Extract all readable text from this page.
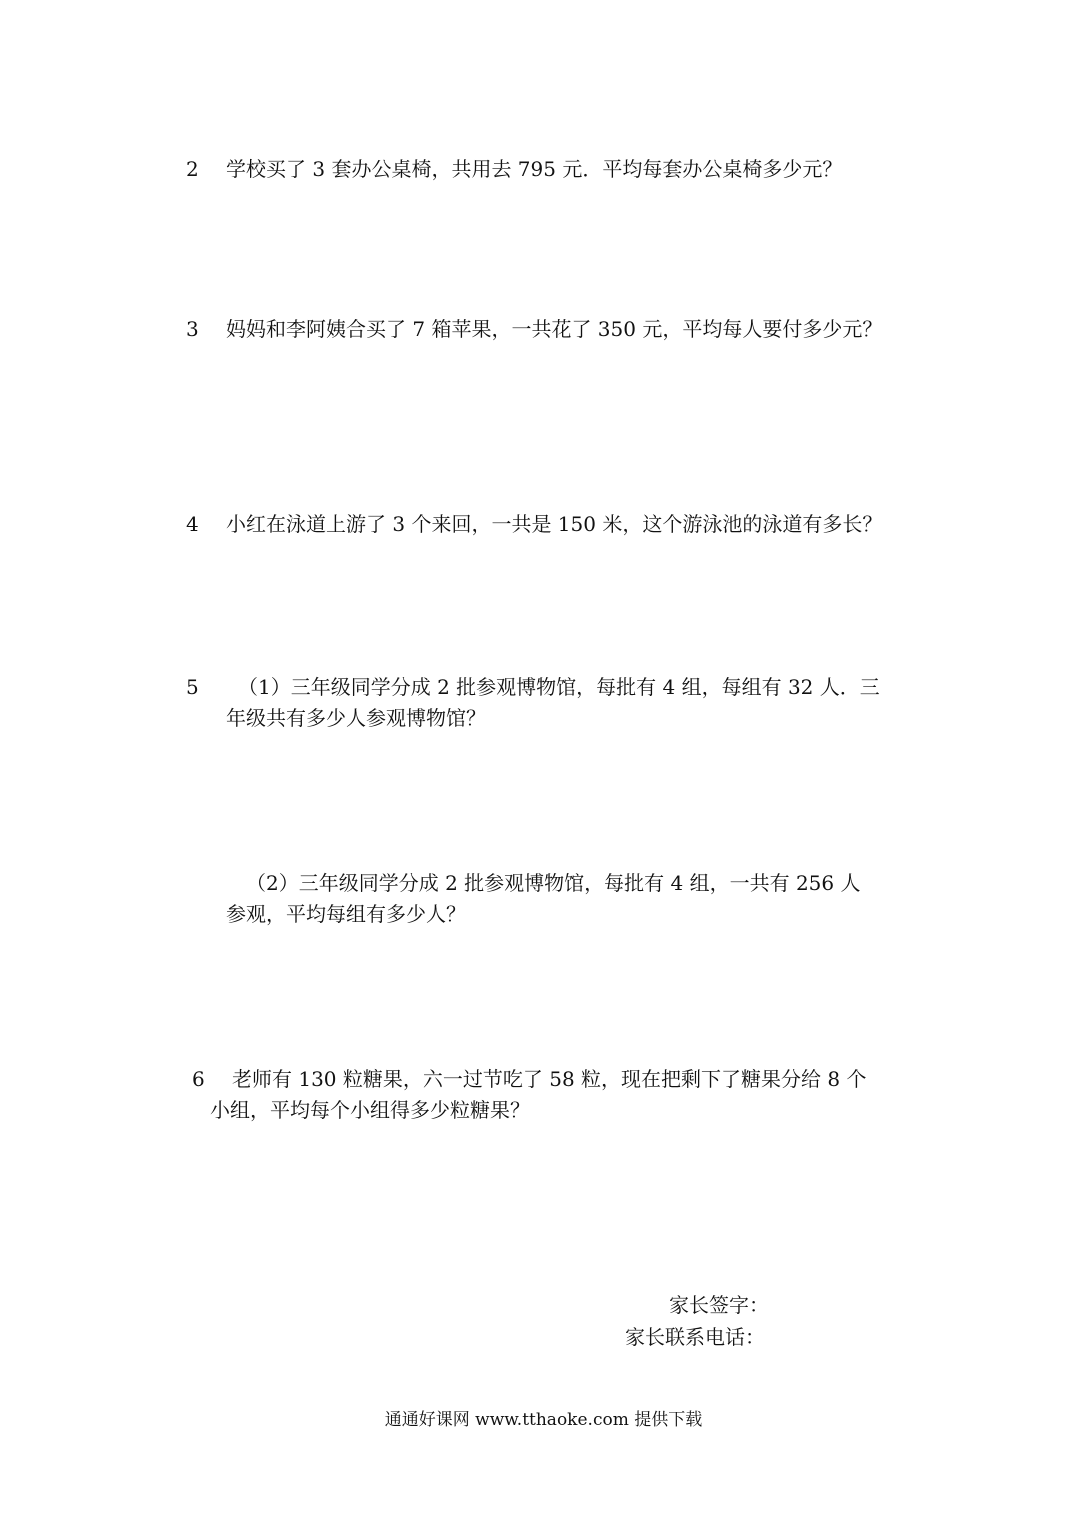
2 学校买了 3 套办公桌椅，共用去 795 元．平均每套办公桌椅多少元？
3 妈妈和李阿姨合买了 7 箱苹果，一共花了 350 元，平均每人要付多少元？
4 小红在泳道上游了 3 个来回，一共是 150 米，这个游泳池的泳道有多长？
5	（1）三年级同学分成 2 批参观博物馆，每批有 4 组，每组有 32 人．三
年级共有多少人参观博物馆？
（2）三年级同学分成 2 批参观博物馆，每批有 4 组，一共有 256 人
参观，平均每组有多少人？
6	老师有 130 粒糖果，六一过节吃了 58 粒，现在把剩下了糖果分给 8 个
小组，平均每个小组得多少粒糖果？
家长签字：
家长联系电话：
通通好课网 www.tthaoke.com 提供下载
